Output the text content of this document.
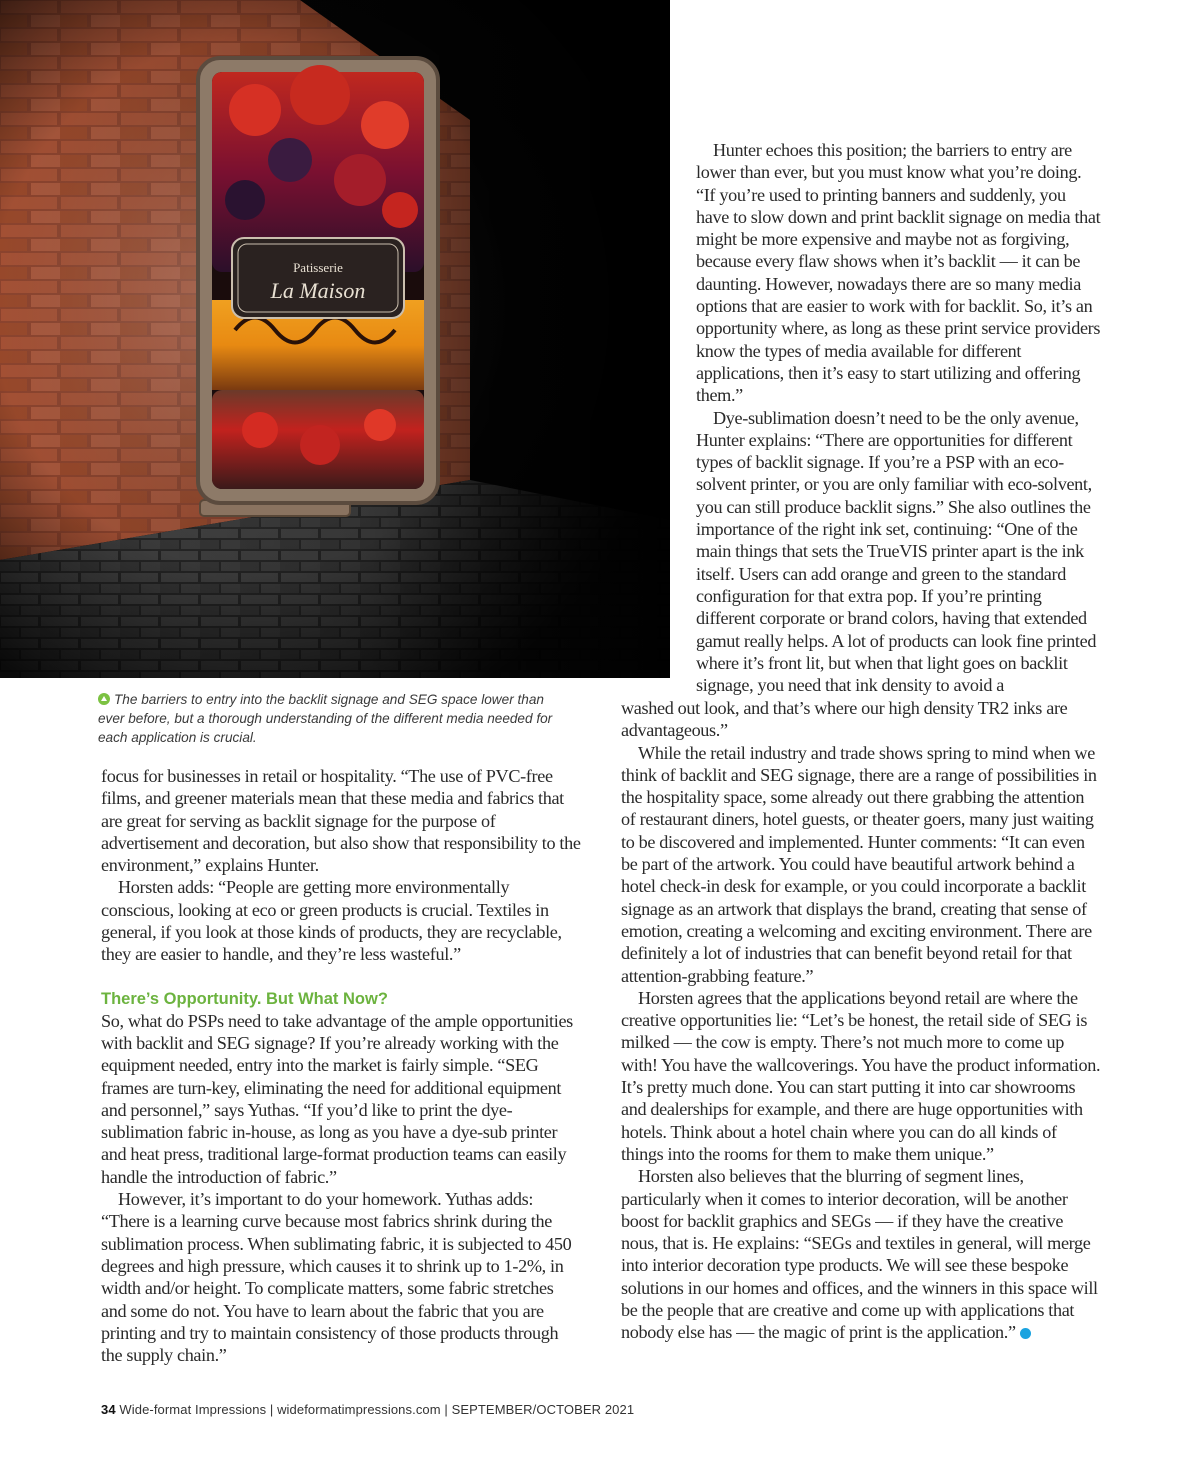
Patisserie
La Maison
The barriers to entry into the backlit signage and SEG space lower than ever before, but a thorough understanding of the different media needed for each application is crucial.

Hunter echoes this position; the barriers to entry are lower than ever, but you must know what you’re doing. “If you’re used to printing banners and suddenly, you have to slow down and print backlit signage on media that might be more expensive and maybe not as forgiving, because every flaw shows when it’s backlit — it can be daunting. However, nowadays there are so many media options that are easier to work with for backlit. So, it’s an opportunity where, as long as these print service providers know the types of media available for different applications, then it’s easy to start utilizing and offering them.”

Dye-sublimation doesn’t need to be the only avenue, Hunter explains: “There are opportunities for different types of backlit signage. If you’re a PSP with an eco-solvent printer, or you are only familiar with eco-solvent, you can still produce backlit signs.” She also outlines the importance of the right ink set, continuing: “One of the main things that sets the TrueVIS printer apart is the ink itself. Users can add orange and green to the standard configuration for that extra pop. If you’re printing different corporate or brand colors, having that extended gamut really helps. A lot of products can look fine printed where it’s front lit, but when that light goes on backlit signage, you need that ink density to avoid a

focus for businesses in retail or hospitality. “The use of PVC-free films, and greener materials mean that these media and fabrics that are great for serving as backlit signage for the purpose of advertisement and decoration, but also show that responsibility to the environment,” explains Hunter.

Horsten adds: “People are getting more environmentally conscious, looking at eco or green products is crucial. Textiles in general, if you look at those kinds of products, they are recyclable, they are easier to handle, and they’re less wasteful.”

There’s Opportunity. But What Now?

So, what do PSPs need to take advantage of the ample opportunities with backlit and SEG signage? If you’re already working with the equipment needed, entry into the market is fairly simple. “SEG frames are turn-key, eliminating the need for additional equipment and personnel,” says Yuthas. “If you’d like to print the dye-sublimation fabric in-house, as long as you have a dye-sub printer and heat press, traditional large-format production teams can easily handle the introduction of fabric.”

However, it’s important to do your homework. Yuthas adds: “There is a learning curve because most fabrics shrink during the sublimation process. When sublimating fabric, it is subjected to 450 degrees and high pressure, which causes it to shrink up to 1-2%, in width and/or height. To complicate matters, some fabric stretches and some do not. You have to learn about the fabric that you are printing and try to maintain consistency of those products through the supply chain.”

washed out look, and that’s where our high density TR2 inks are advantageous.”

While the retail industry and trade shows spring to mind when we think of backlit and SEG signage, there are a range of possibilities in the hospitality space, some already out there grabbing the attention of restaurant diners, hotel guests, or theater goers, many just waiting to be discovered and implemented. Hunter comments: “It can even be part of the artwork. You could have beautiful artwork behind a hotel check-in desk for example, or you could incorporate a backlit signage as an artwork that displays the brand, creating that sense of emotion, creating a welcoming and exciting environment. There are definitely a lot of industries that can benefit beyond retail for that attention-grabbing feature.”

Horsten agrees that the applications beyond retail are where the creative opportunities lie: “Let’s be honest, the retail side of SEG is milked — the cow is empty. There’s not much more to come up with! You have the wallcoverings. You have the product information. It’s pretty much done. You can start putting it into car showrooms and dealerships for example, and there are huge opportunities with hotels. Think about a hotel chain where you can do all kinds of things into the rooms for them to make them unique.”

Horsten also believes that the blurring of segment lines, particularly when it comes to interior decoration, will be another boost for backlit graphics and SEGs — if they have the creative nous, that is. He explains: “SEGs and textiles in general, will merge into interior decoration type products. We will see these bespoke solutions in our homes and offices, and the winners in this space will be the people that are creative and come up with applications that nobody else has — the magic of print is the application.”

34 Wide-format Impressions | wideformatimpressions.com | SEPTEMBER/OCTOBER 2021
